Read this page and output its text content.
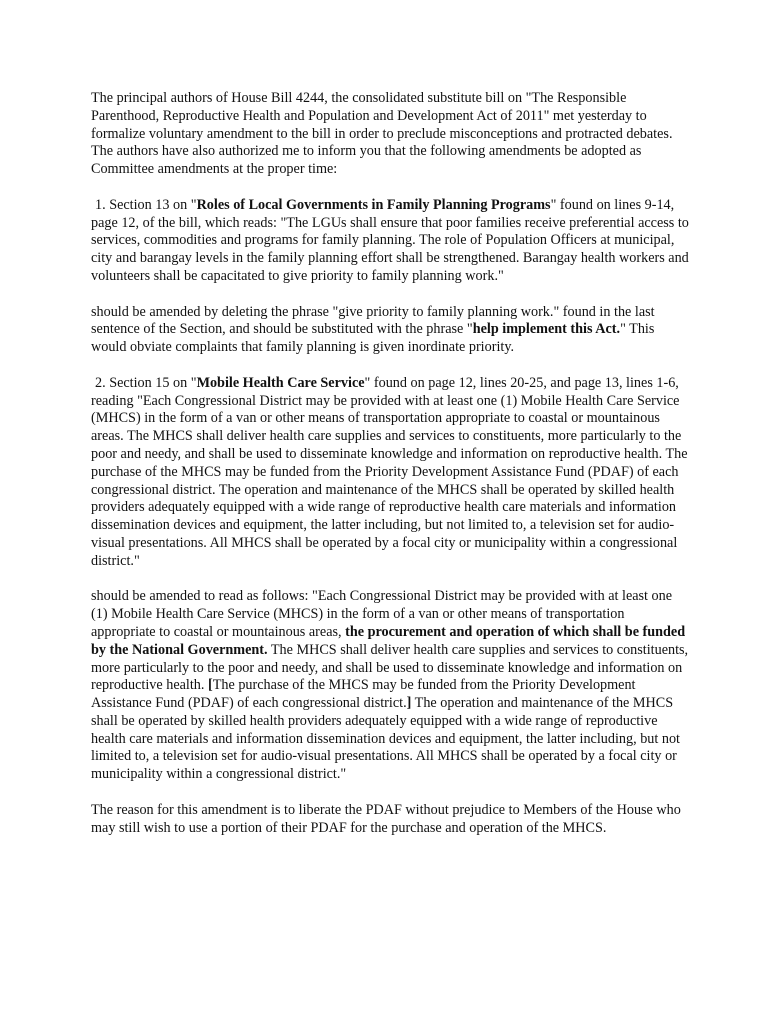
The principal authors of House Bill 4244, the consolidated substitute bill on "The Responsible Parenthood, Reproductive Health and Population and Development Act of 2011" met yesterday to formalize voluntary amendment to the bill in order to preclude misconceptions and protracted debates. The authors have also authorized me to inform you that the following amendments be adopted as Committee amendments at the proper time:

1. Section 13 on "Roles of Local Governments in Family Planning Programs" found on lines 9-14, page 12, of the bill, which reads: "The LGUs shall ensure that poor families receive preferential access to services, commodities and programs for family planning. The role of Population Officers at municipal, city and barangay levels in the family planning effort shall be strengthened. Barangay health workers and volunteers shall be capacitated to give priority to family planning work."

should be amended by deleting the phrase "give priority to family planning work." found in the last sentence of the Section, and should be substituted with the phrase "help implement this Act." This would obviate complaints that family planning is given inordinate priority.

2. Section 15 on "Mobile Health Care Service" found on page 12, lines 20-25, and page 13, lines 1-6, reading "Each Congressional District may be provided with at least one (1) Mobile Health Care Service (MHCS) in the form of a van or other means of transportation appropriate to coastal or mountainous areas. The MHCS shall deliver health care supplies and services to constituents, more particularly to the poor and needy, and shall be used to disseminate knowledge and information on reproductive health. The purchase of the MHCS may be funded from the Priority Development Assistance Fund (PDAF) of each congressional district. The operation and maintenance of the MHCS shall be operated by skilled health providers adequately equipped with a wide range of reproductive health care materials and information dissemination devices and equipment, the latter including, but not limited to, a television set for audio-visual presentations. All MHCS shall be operated by a focal city or municipality within a congressional district."

should be amended to read as follows: "Each Congressional District may be provided with at least one (1) Mobile Health Care Service (MHCS) in the form of a van or other means of transportation appropriate to coastal or mountainous areas, the procurement and operation of which shall be funded by the National Government. The MHCS shall deliver health care supplies and services to constituents, more particularly to the poor and needy, and shall be used to disseminate knowledge and information on reproductive health. [The purchase of the MHCS may be funded from the Priority Development Assistance Fund (PDAF) of each congressional district.] The operation and maintenance of the MHCS shall be operated by skilled health providers adequately equipped with a wide range of reproductive health care materials and information dissemination devices and equipment, the latter including, but not limited to, a television set for audio-visual presentations. All MHCS shall be operated by a focal city or municipality within a congressional district."

The reason for this amendment is to liberate the PDAF without prejudice to Members of the House who may still wish to use a portion of their PDAF for the purchase and operation of the MHCS.
